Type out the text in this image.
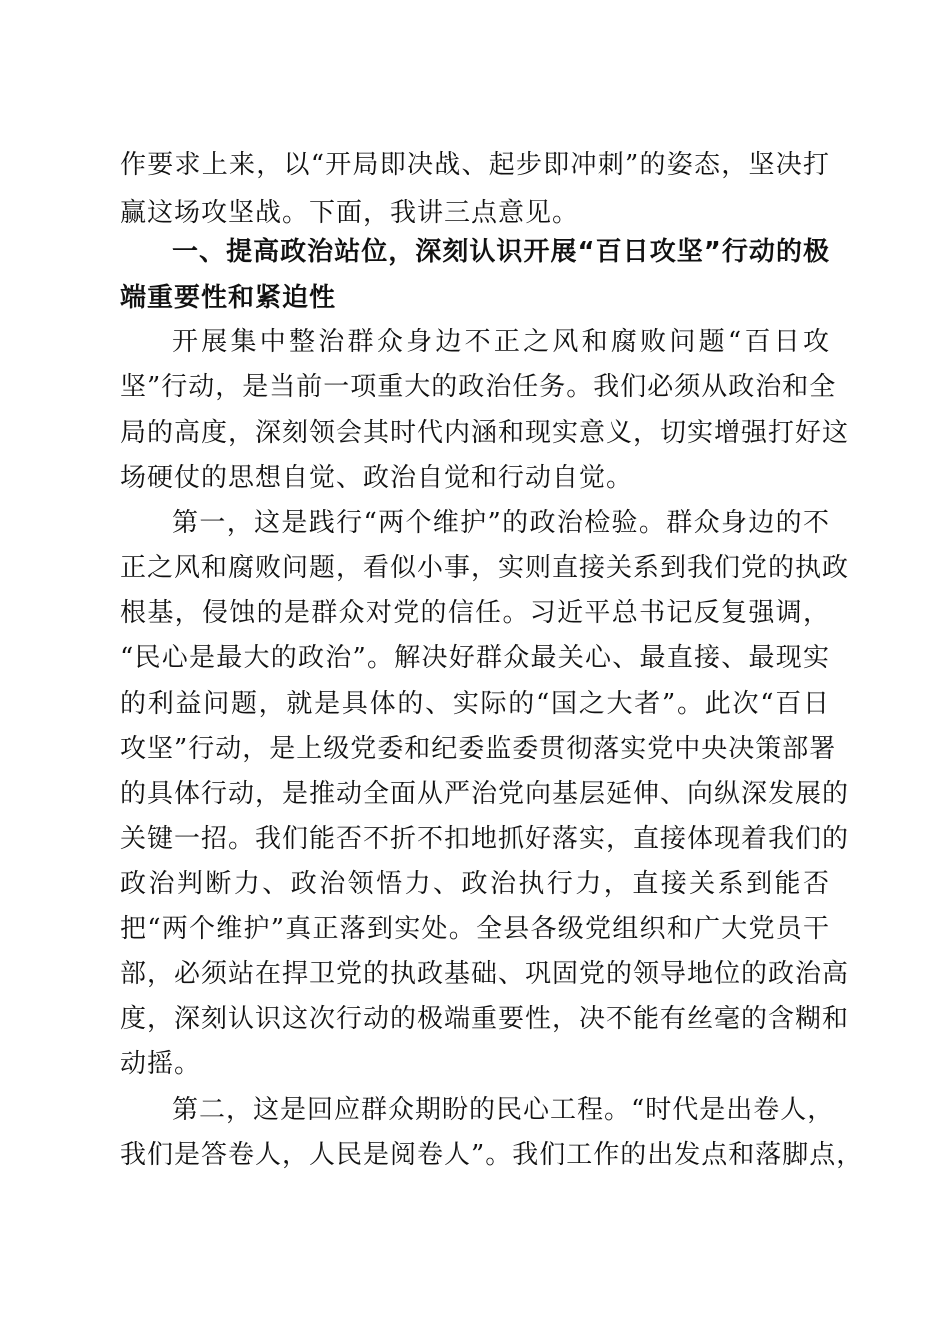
作要求上来，以“开局即决战、起步即冲刺”的姿态，坚决打
赢这场攻坚战。下面，我讲三点意见。
一、提高政治站位，深刻认识开展“百日攻坚”行动的极
端重要性和紧迫性
开展集中整治群众身边不正之风和腐败问题“百日攻
坚”行动，是当前一项重大的政治任务。我们必须从政治和全
局的高度，深刻领会其时代内涵和现实意义，切实增强打好这
场硬仗的思想自觉、政治自觉和行动自觉。
第一，这是践行“两个维护”的政治检验。群众身边的不
正之风和腐败问题，看似小事，实则直接关系到我们党的执政
根基，侵蚀的是群众对党的信任。习近平总书记反复强调，
“民心是最大的政治”。解决好群众最关心、最直接、最现实
的利益问题，就是具体的、实际的“国之大者”。此次“百日
攻坚”行动，是上级党委和纪委监委贯彻落实党中央决策部署
的具体行动，是推动全面从严治党向基层延伸、向纵深发展的
关键一招。我们能否不折不扣地抓好落实，直接体现着我们的
政治判断力、政治领悟力、政治执行力，直接关系到能否
把“两个维护”真正落到实处。全县各级党组织和广大党员干
部，必须站在捍卫党的执政基础、巩固党的领导地位的政治高
度，深刻认识这次行动的极端重要性，决不能有丝毫的含糊和
动摇。
第二，这是回应群众期盼的民心工程。“时代是出卷人，
我们是答卷人，人民是阅卷人”。我们工作的出发点和落脚点，
